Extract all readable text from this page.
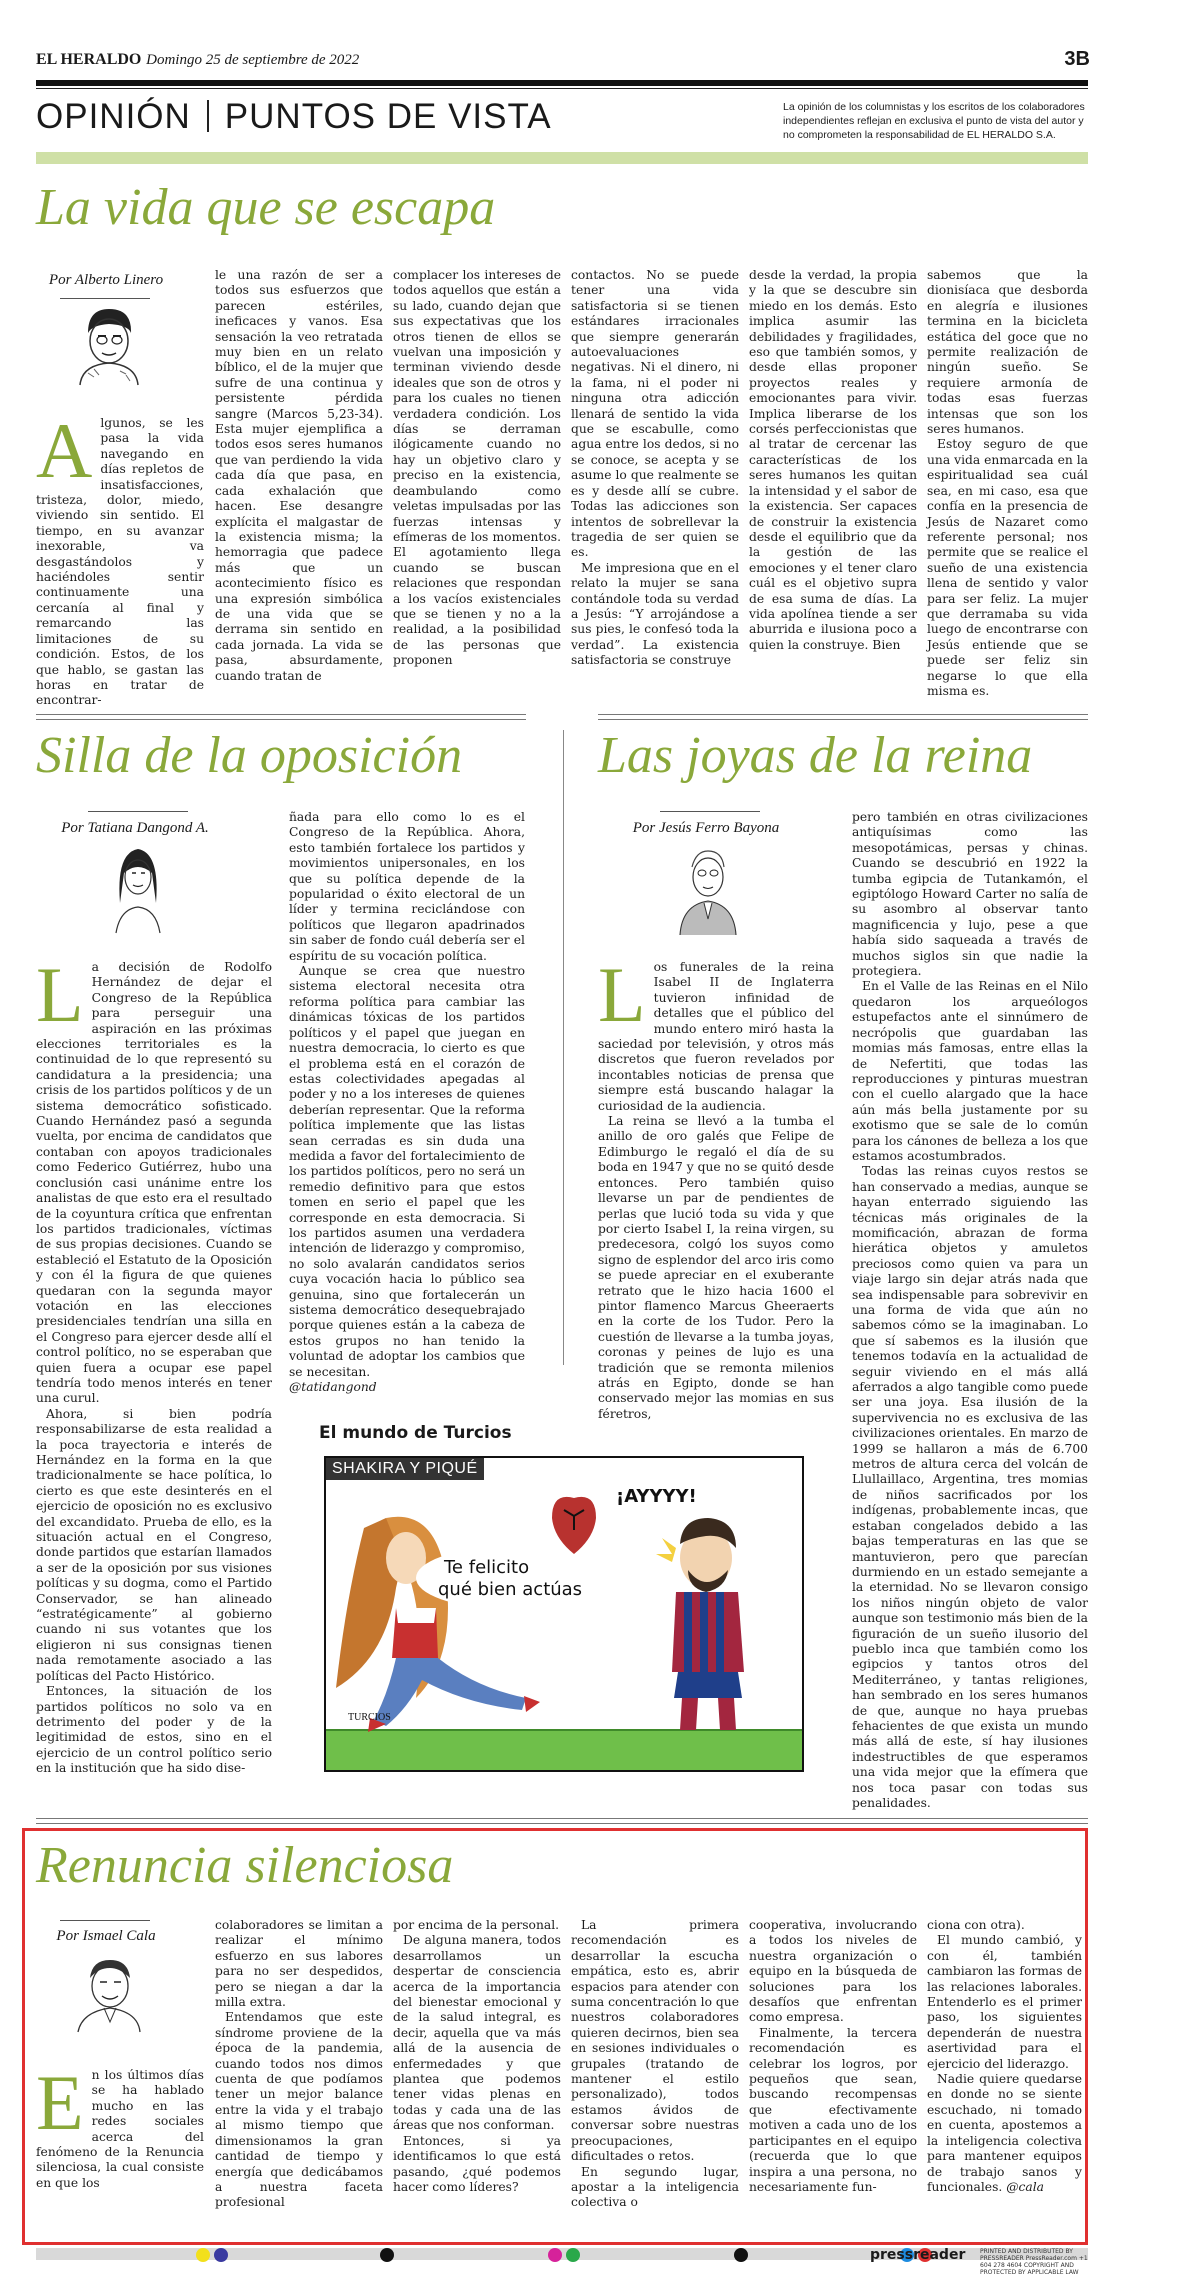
EL HERALDO Domingo 25 de septiembre de 2022	3B
OPINIÓN PUNTOS DE VISTA	La opinión de los columnistas y los escritos de los colaboradores independientes reflejan en exclusiva el punto de vista del autor y no comprometen la responsabilidad de EL HERALDO S.A.
La vida que se escapa
Por Alberto Linero
Algunos, se les pasa la vida navegando en días repletos de insatisfacciones, tristeza, dolor, miedo, viviendo sin sentido. El tiempo, en su avanzar inexorable, va desgastándolos y haciéndoles sentir continuamente una cercanía al final y remarcando las limitaciones de su condición. Estos, de los que hablo, se gastan las horas en tratar de encontrar-
le una razón de ser a todos sus esfuerzos que parecen estériles, ineficaces y vanos. Esa sensación la veo retratada muy bien en un relato bíblico, el de la mujer que sufre de una continua y persistente pérdida sangre (Marcos 5,23-34). Esta mujer ejemplifica a todos esos seres humanos que van perdiendo la vida cada día que pasa, en cada exhalación que hacen. Ese desangre explícita el malgastar de la existencia misma; la hemorragia que padece más que un acontecimiento físico es una expresión simbólica de una vida que se derrama sin sentido en cada jornada. La vida se pasa, absurdamente, cuando tratan de
complacer los intereses de todos aquellos que están a su lado, cuando dejan que sus expectativas que los otros tienen de ellos se vuelvan una imposición y terminan viviendo desde ideales que son de otros y para los cuales no tienen verdadera condición. Los días se derraman ilógicamente cuando no hay un objetivo claro y preciso en la existencia, deambulando como veletas impulsadas por las fuerzas intensas y efímeras de los momentos. El agotamiento llega cuando se buscan relaciones que respondan a los vacíos existenciales que se tienen y no a la realidad, a la posibilidad de las personas que proponen

contactos. No se puede tener una vida satisfactoria si se tienen estándares irracionales que siempre generarán autoevaluaciones negativas. Ni el dinero, ni la fama, ni el poder ni ninguna otra adicción llenará de sentido la vida que se escabulle, como agua entre los dedos, si no se conoce, se acepta y se asume lo que realmente se es y desde allí se cubre. Todas las adicciones son intentos de sobrellevar la tragedia de ser quien se es.

Me impresiona que en el relato la mujer se sana contándole toda su verdad a Jesús: “Y arrojándose a sus pies, le confesó toda la verdad”. La existencia satisfactoria se construye

desde la verdad, la propia y la que se descubre sin miedo en los demás. Esto implica asumir las debilidades y fragilidades, eso que también somos, y desde ellas proponer proyectos reales y emocionantes para vivir. Implica liberarse de los corsés perfeccionistas que al tratar de cercenar las características de los seres humanos les quitan la intensidad y el sabor de la existencia. Ser capaces de construir la existencia desde el equilibrio que da la gestión de las emociones y el tener claro cuál es el objetivo supra de esa suma de días. La vida apolínea tiende a ser aburrida e ilusiona poco a quien la construye. Bien

sabemos que la dionisíaca que desborda en alegría e ilusiones termina en la bicicleta estática del goce que no permite realización de ningún sueño. Se requiere armonía de todas esas fuerzas intensas que son los seres humanos.

Estoy seguro de que una vida enmarcada en la espiritualidad sea cuál sea, en mi caso, esa que confía en la presencia de Jesús de Nazaret como referente personal; nos permite que se realice el sueño de una existencia llena de sentido y valor para ser feliz. La mujer que derramaba su vida luego de encontrarse con Jesús entiende que se puede ser feliz sin negarse lo que ella misma es.

Silla de la oposición
Por Tatiana Dangond A.

La decisión de Rodolfo Hernández de dejar el Congreso de la República para perseguir una aspiración en las próximas elecciones territoriales es la continuidad de lo que representó su candidatura a la presidencia; una crisis de los partidos políticos y de un sistema democrático sofisticado. Cuando Hernández pasó a segunda vuelta, por encima de candidatos que contaban con apoyos tradicionales como Federico Gutiérrez, hubo una conclusión casi unánime entre los analistas de que esto era el resultado de la coyuntura crítica que enfrentan los partidos tradicionales, víctimas de sus propias decisiones. Cuando se estableció el Estatuto de la Oposición y con él la figura de que quienes quedaran con la segunda mayor votación en las elecciones presidenciales tendrían una silla en el Congreso para ejercer desde allí el control político, no se esperaban que quien fuera a ocupar ese papel tendría todo menos interés en tener una curul.

Ahora, si bien podría responsabilizarse de esta realidad a la poca trayectoria e interés de Hernández en la forma en la que tradicionalmente se hace política, lo cierto es que este desinterés en el ejercicio de oposición no es exclusivo del excandidato. Prueba de ello, es la situación actual en el Congreso, donde partidos que estarían llamados a ser de la oposición por sus visiones políticas y su dogma, como el Partido Conservador, se han alineado “estratégicamente” al gobierno cuando ni sus votantes que los eligieron ni sus consignas tienen nada remotamente asociado a las políticas del Pacto Histórico.

Entonces, la situación de los partidos políticos no solo va en detrimento del poder y de la legitimidad de estos, sino en el ejercicio de un control político serio en la institución que ha sido dise-

ñada para ello como lo es el Congreso de la República. Ahora, esto también fortalece los partidos y movimientos unipersonales, en los que su política depende de la popularidad o éxito electoral de un líder y termina reciclándose con políticos que llegaron apadrinados sin saber de fondo cuál debería ser el espíritu de su vocación política.

Aunque se crea que nuestro sistema electoral necesita otra reforma política para cambiar las dinámicas tóxicas de los partidos políticos y el papel que juegan en nuestra democracia, lo cierto es que el problema está en el corazón de estas colectividades apegadas al poder y no a los intereses de quienes deberían representar. Que la reforma política implemente que las listas sean cerradas es sin duda una medida a favor del fortalecimiento de los partidos políticos, pero no será un remedio definitivo para que estos tomen en serio el papel que les corresponde en esta democracia. Si los partidos asumen una verdadera intención de liderazgo y compromiso, no solo avalarán candidatos serios cuya vocación hacia lo público sea genuina, sino que fortalecerán un sistema democrático desequebrajado porque quienes están a la cabeza de estos grupos no han tenido la voluntad de adoptar los cambios que se necesitan.

@tatidangond

El mundo de Turcios
SHAKIRA Y PIQUÉ
Te felicito
qué bien actúas
¡AYYYY!
TURCIOS
Las joyas de la reina
Por Jesús Ferro Bayona

Los funerales de la reina Isabel II de Inglaterra tuvieron infinidad de detalles que el público del mundo entero miró hasta la saciedad por televisión, y otros más discretos que fueron revelados por incontables noticias de prensa que siempre está buscando halagar la curiosidad de la audiencia.

La reina se llevó a la tumba el anillo de oro galés que Felipe de Edimburgo le regaló el día de su boda en 1947 y que no se quitó desde entonces. Pero también quiso llevarse un par de pendientes de perlas que lució toda su vida y que por cierto Isabel I, la reina virgen, su predecesora, colgó los suyos como signo de esplendor del arco iris como se puede apreciar en el exuberante retrato que le hizo hacia 1600 el pintor flamenco Marcus Gheeraerts en la corte de los Tudor. Pero la cuestión de llevarse a la tumba joyas, coronas y peines de lujo es una tradición que se remonta milenios atrás en Egipto, donde se han conservado mejor las momias en sus féretros,

pero también en otras civilizaciones antiquísimas como las mesopotámicas, persas y chinas. Cuando se descubrió en 1922 la tumba egipcia de Tutankamón, el egiptólogo Howard Carter no salía de su asombro al observar tanto magnificencia y lujo, pese a que había sido saqueada a través de muchos siglos sin que nadie la protegiera.

En el Valle de las Reinas en el Nilo quedaron los arqueólogos estupefactos ante el sinnúmero de necrópolis que guardaban las momias más famosas, entre ellas la de Nefertiti, que todas las reproducciones y pinturas muestran con el cuello alargado que la hace aún más bella justamente por su exotismo que se sale de lo común para los cánones de belleza a los que estamos acostumbrados.

Todas las reinas cuyos restos se han conservado a medias, aunque se hayan enterrado siguiendo las técnicas más originales de la momificación, abrazan de forma hierática objetos y amuletos preciosos como quien va para un viaje largo sin dejar atrás nada que sea indispensable para sobrevivir en una forma de vida que aún no sabemos cómo se la imaginaban. Lo que sí sabemos es la ilusión que tenemos todavía en la actualidad de seguir viviendo en el más allá aferrados a algo tangible como puede ser una joya. Esa ilusión de la supervivencia no es exclusiva de las civilizaciones orientales. En marzo de 1999 se hallaron a más de 6.700 metros de altura cerca del volcán de Llullaillaco, Argentina, tres momias de niños sacrificados por los indígenas, probablemente incas, que estaban congelados debido a las bajas temperaturas en las que se mantuvieron, pero que parecían durmiendo en un estado semejante a la eternidad. No se llevaron consigo los niños ningún objeto de valor aunque son testimonio más bien de la figuración de un sueño ilusorio del pueblo inca que también como los egipcios y tantos otros del Mediterráneo, y tantas religiones, han sembrado en los seres humanos de que, aunque no haya pruebas fehacientes de que exista un mundo más allá de este, sí hay ilusiones indestructibles de que esperamos una vida mejor que la efímera que nos toca pasar con todas sus penalidades.

Renuncia silenciosa
Por Ismael Cala
En los últimos días se ha hablado mucho en las redes sociales acerca del fenómeno de la Renuncia silenciosa, la cual consiste en que los

colaboradores se limitan a realizar el mínimo esfuerzo en sus labores para no ser despedidos, pero se niegan a dar la milla extra.

Entendamos que este síndrome proviene de la época de la pandemia, cuando todos nos dimos cuenta de que podíamos tener un mejor balance entre la vida y el trabajo al mismo tiempo que dimensionamos la gran cantidad de tiempo y energía que dedicábamos a nuestra faceta profesional

por encima de la personal.

De alguna manera, todos desarrollamos un despertar de consciencia acerca de la importancia del bienestar emocional y de la salud integral, es decir, aquella que va más allá de la ausencia de enfermedades y que plantea que podemos tener vidas plenas en todas y cada una de las áreas que nos conforman.

Entonces, si ya identificamos lo que está pasando, ¿qué podemos hacer como líderes?

La primera recomendación es desarrollar la escucha empática, esto es, abrir espacios para atender con suma concentración lo que nuestros colaboradores quieren decirnos, bien sea en sesiones individuales o grupales (tratando de mantener el estilo personalizado), todos estamos ávidos de conversar sobre nuestras preocupaciones, dificultades o retos.

En segundo lugar, apostar a la inteligencia colectiva o

cooperativa, involucrando a todos los niveles de nuestra organización o equipo en la búsqueda de soluciones para los desafíos que enfrentan como empresa.

Finalmente, la tercera recomendación es celebrar los logros, por pequeños que sean, buscando recompensas que efectivamente motiven a cada uno de los participantes en el equipo (recuerda que lo que inspira a una persona, no necesariamente fun-

ciona con otra).

El mundo cambió, y con él, también cambiaron las formas de las relaciones laborales. Entenderlo es el primer paso, los siguientes dependerán de nuestra asertividad para el ejercicio del liderazgo.

Nadie quiere quedarse en donde no se siente escuchado, ni tomado en cuenta, apostemos a la inteligencia colectiva para mantener equipos de trabajo sanos y funcionales. @cala

pressreader PRINTED AND DISTRIBUTED BY PRESSREADER PressReader.com +1 604 278 4604 COPYRIGHT AND PROTECTED BY APPLICABLE LAW
